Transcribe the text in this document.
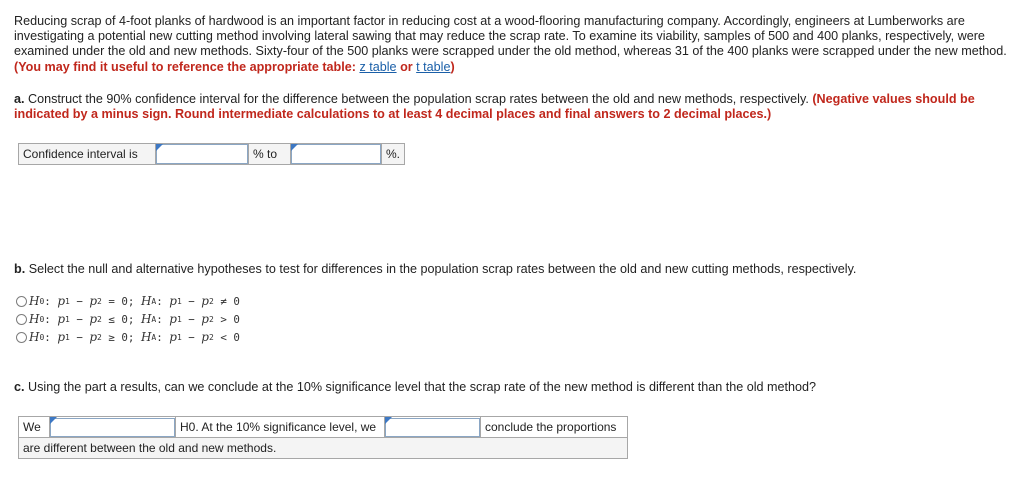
Reducing scrap of 4-foot planks of hardwood is an important factor in reducing cost at a wood-flooring manufacturing company. Accordingly, engineers at Lumberworks are investigating a potential new cutting method involving lateral sawing that may reduce the scrap rate. To examine its viability, samples of 500 and 400 planks, respectively, were examined under the old and new methods. Sixty-four of the 500 planks were scrapped under the old method, whereas 31 of the 400 planks were scrapped under the new method. (You may find it useful to reference the appropriate table: z table or t table)
a. Construct the 90% confidence interval for the difference between the population scrap rates between the old and new methods, respectively. (Negative values should be indicated by a minus sign. Round intermediate calculations to at least 4 decimal places and final answers to 2 decimal places.)
Confidence interval is		% to		%.
b. Select the null and alternative hypotheses to test for differences in the population scrap rates between the old and new cutting methods, respectively.
H 0 : p 1 − p 2
=
0 ; H A : p 1 − p 2
≠
0
H 0 : p 1 − p 2
≤
0 ; H A : p 1 − p 2
>
0
H 0 : p 1 − p 2
≥
0 ; H A : p 1 − p 2
<
0
c. Using the part a results, can we conclude at the 10% significance level that the scrap rate of the new method is different than the old method?
We		H0. At the 10% significance level, we		conclude the proportions
are different between the old and new methods.
